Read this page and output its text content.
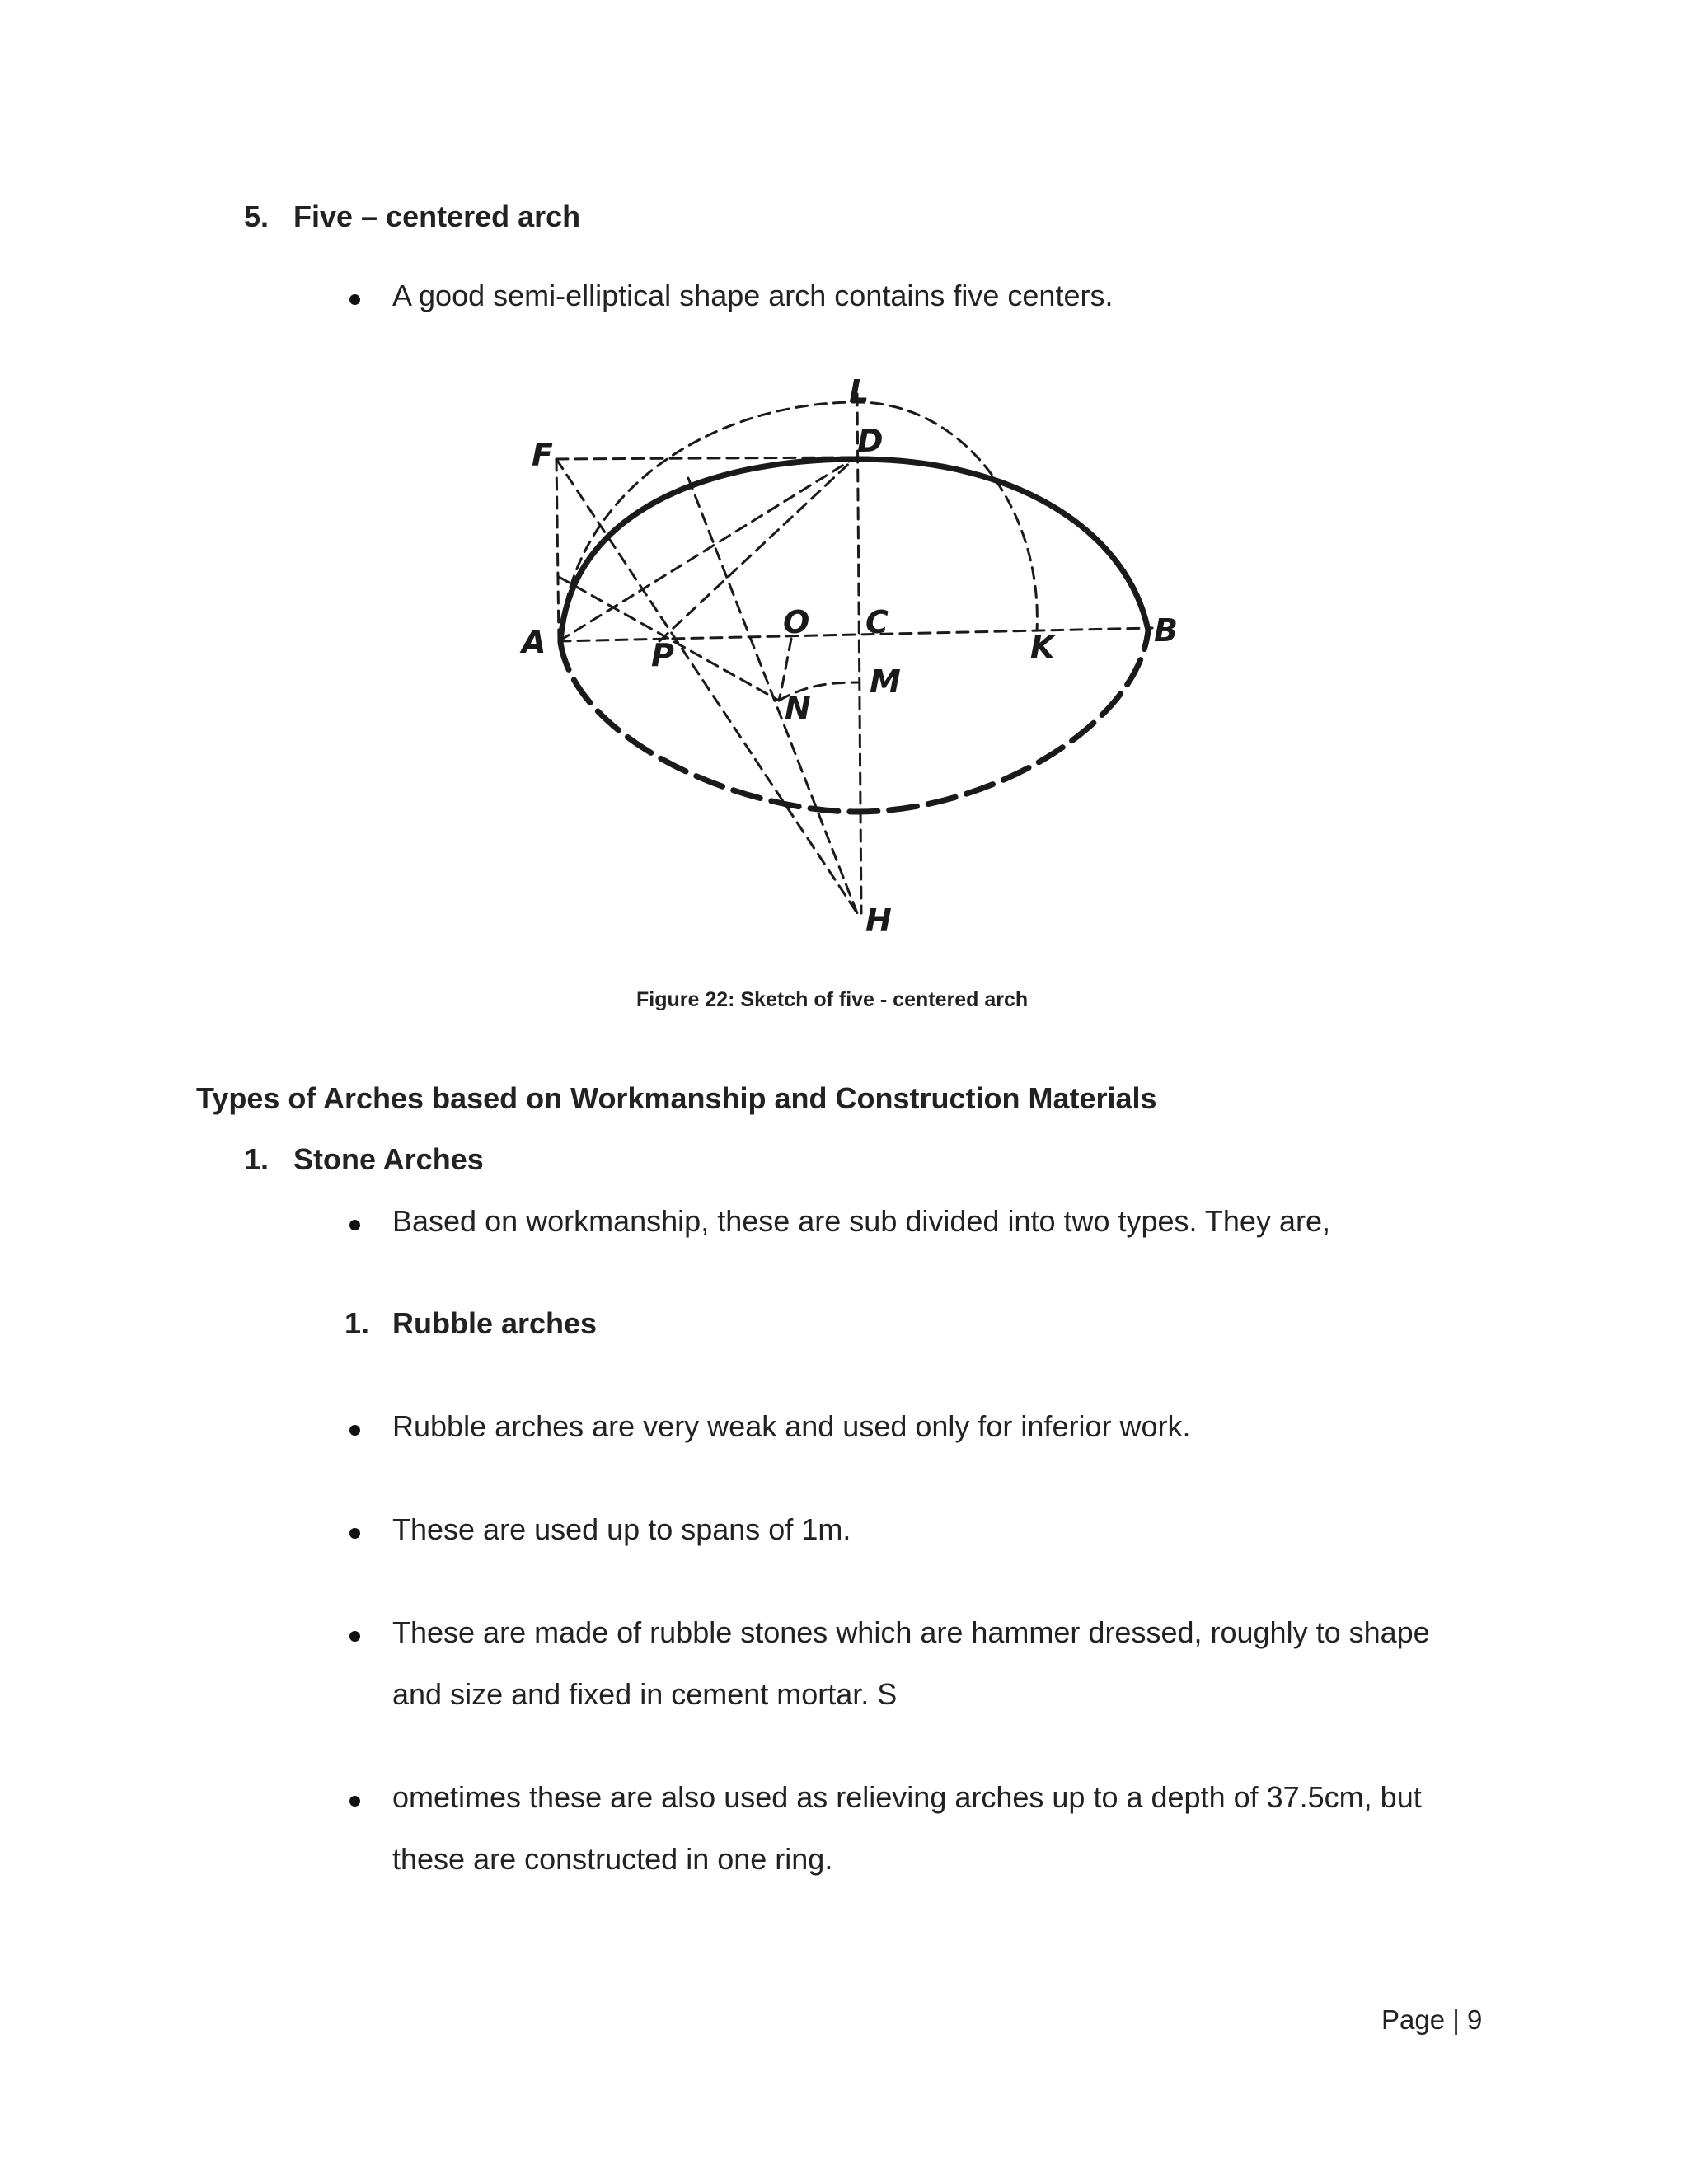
5. Five – centered arch
A good semi-elliptical shape arch contains five centers.
L
F	D
A	P
O C
K	B
N
M
H
Figure 22: Sketch of five - centered arch
Types of Arches based on Workmanship and Construction Materials
1. Stone Arches
Based on workmanship, these are sub divided into two types. They are,
1. Rubble arches
Rubble arches are very weak and used only for inferior work.
These are used up to spans of 1m.
These are made of rubble stones which are hammer dressed, roughly to shape
and size and fixed in cement mortar. S
ometimes these are also used as relieving arches up to a depth of 37.5cm, but
these are constructed in one ring.
Page | 9
